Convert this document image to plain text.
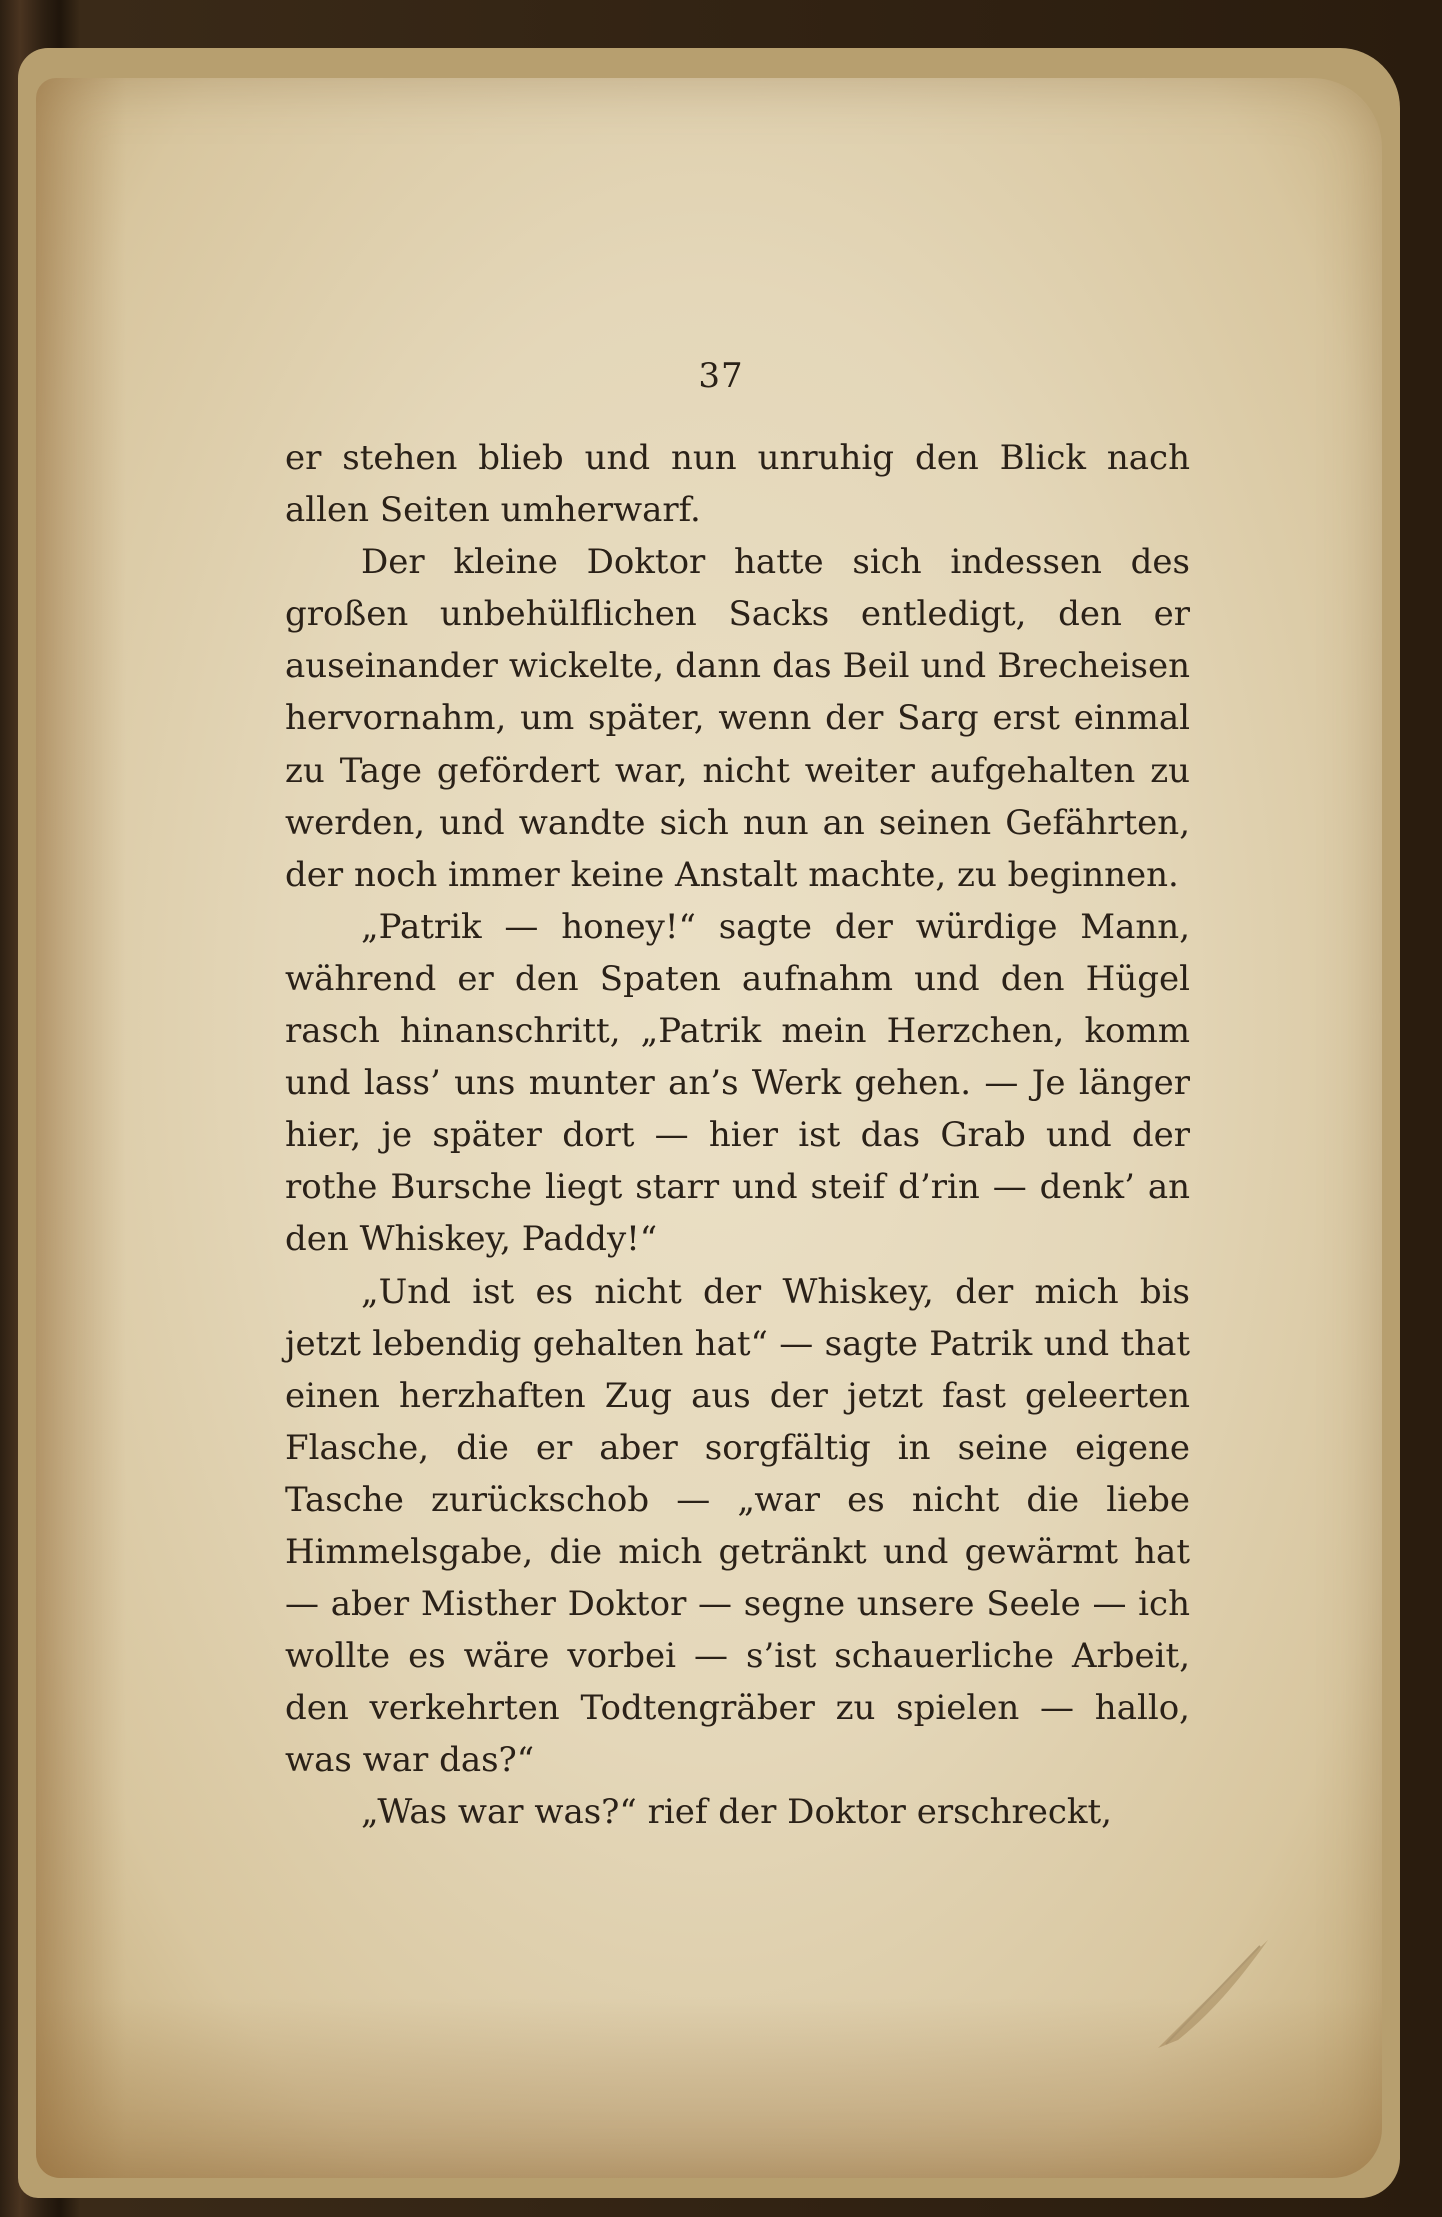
37

er stehen blieb und nun unruhig den Blick nach allen Seiten umherwarf.

Der kleine Doktor hatte sich indessen des großen unbehülflichen Sacks entledigt, den er auseinander wickelte, dann das Beil und Brecheisen hervornahm, um später, wenn der Sarg erst einmal zu Tage gefördert war, nicht weiter aufgehalten zu werden, und wandte sich nun an seinen Gefährten, der noch immer keine Anstalt machte, zu beginnen.

„Patrik — honey!“ sagte der würdige Mann, während er den Spaten aufnahm und den Hügel rasch hinanschritt, „Patrik mein Herzchen, komm und lass’ uns munter an’s Werk gehen. — Je länger hier, je später dort — hier ist das Grab und der rothe Bursche liegt starr und steif d’rin — denk’ an den Whiskey, Paddy!“

„Und ist es nicht der Whiskey, der mich bis jetzt lebendig gehalten hat“ — sagte Patrik und that einen herzhaften Zug aus der jetzt fast geleerten Flasche, die er aber sorgfältig in seine eigene Tasche zurückschob — „war es nicht die liebe Himmelsgabe, die mich getränkt und gewärmt hat — aber Misther Doktor — segne unsere Seele — ich wollte es wäre vorbei — s’ist schauerliche Arbeit, den verkehrten Todtengräber zu spielen — hallo, was war das?“

„Was war was?“ rief der Doktor erschreckt,
